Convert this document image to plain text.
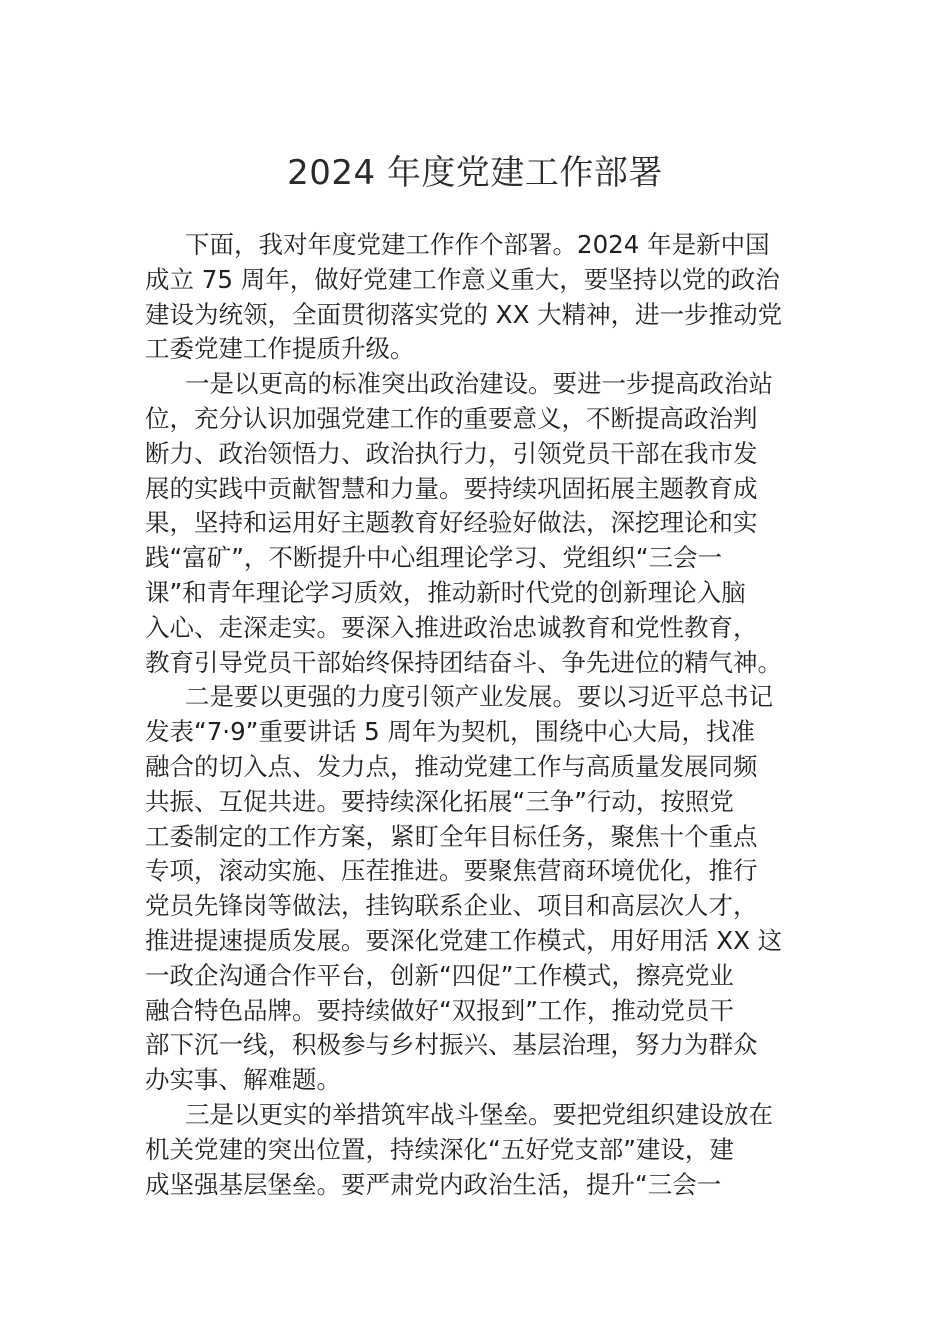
2024 年度党建工作部署
下面，我对年度党建工作作个部署。2024 年是新中国
成立 75 周年，做好党建工作意义重大，要坚持以党的政治
建设为统领，全面贯彻落实党的 XX 大精神，进一步推动党
工委党建工作提质升级。
一是以更高的标准突出政治建设。要进一步提高政治站
位，充分认识加强党建工作的重要意义，不断提高政治判
断力、政治领悟力、政治执行力，引领党员干部在我市发
展的实践中贡献智慧和力量。要持续巩固拓展主题教育成
果，坚持和运用好主题教育好经验好做法，深挖理论和实
践“富矿”，不断提升中心组理论学习、党组织“三会一
课”和青年理论学习质效，推动新时代党的创新理论入脑
入心、走深走实。要深入推进政治忠诚教育和党性教育，
教育引导党员干部始终保持团结奋斗、争先进位的精气神。
二是要以更强的力度引领产业发展。要以习近平总书记
发表“7·9”重要讲话 5 周年为契机，围绕中心大局，找准
融合的切入点、发力点，推动党建工作与高质量发展同频
共振、互促共进。要持续深化拓展“三争”行动，按照党
工委制定的工作方案，紧盯全年目标任务，聚焦十个重点
专项，滚动实施、压茬推进。要聚焦营商环境优化，推行
党员先锋岗等做法，挂钩联系企业、项目和高层次人才，
推进提速提质发展。要深化党建工作模式，用好用活 XX 这
一政企沟通合作平台，创新“四促”工作模式，擦亮党业
融合特色品牌。要持续做好“双报到”工作，推动党员干
部下沉一线，积极参与乡村振兴、基层治理，努力为群众
办实事、解难题。
三是以更实的举措筑牢战斗堡垒。要把党组织建设放在
机关党建的突出位置，持续深化“五好党支部”建设，建
成坚强基层堡垒。要严肃党内政治生活，提升“三会一
